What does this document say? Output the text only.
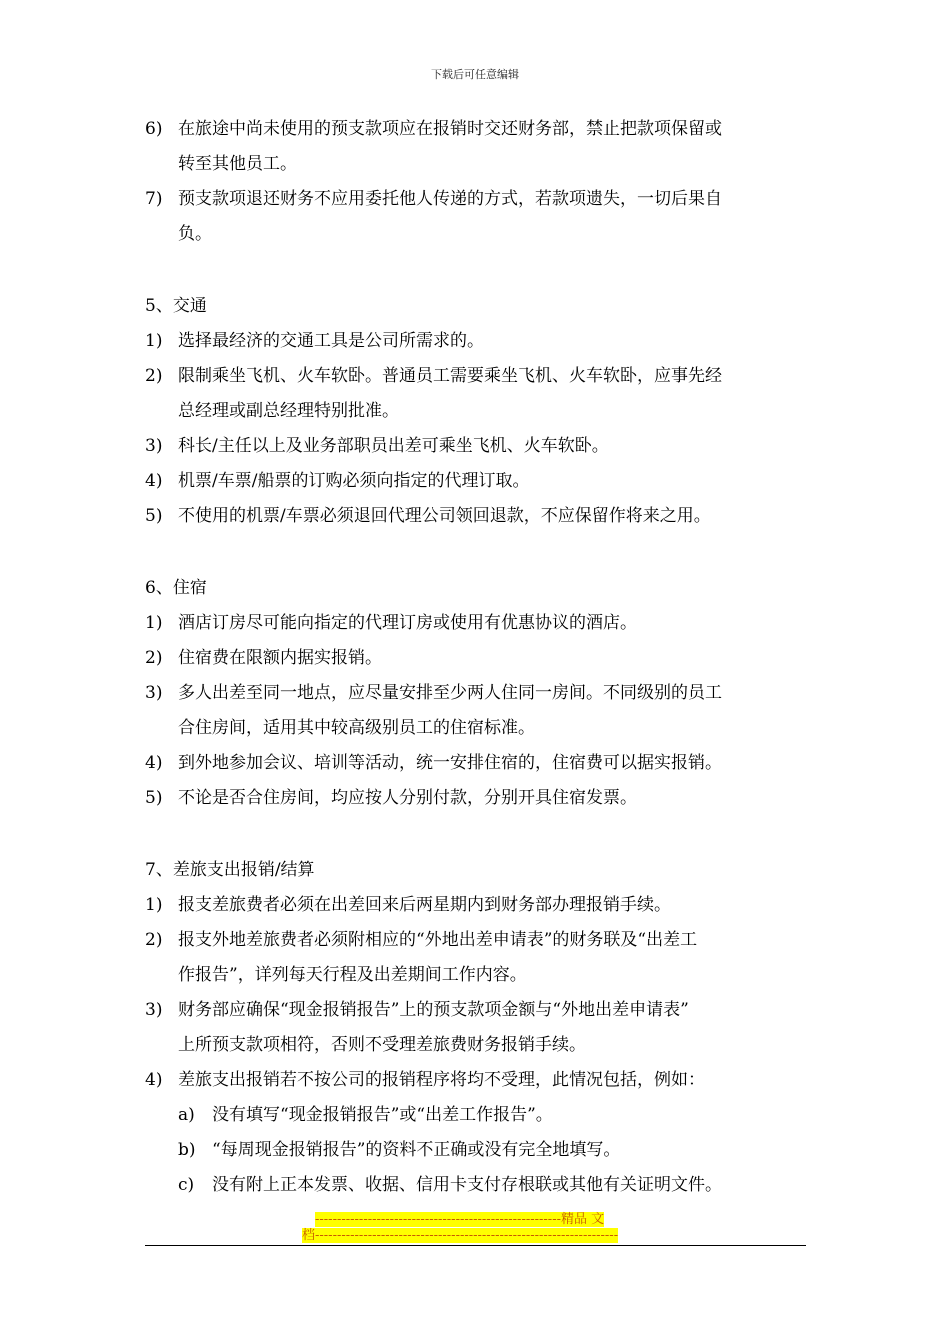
下载后可任意编辑
6) 在旅途中尚未使用的预支款项应在报销时交还财务部，禁止把款项保留或
转至其他员工。
7) 预支款项退还财务不应用委托他人传递的方式，若款项遗失，一切后果自
负。
5、交通
1) 选择最经济的交通工具是公司所需求的。
2) 限制乘坐飞机、火车软卧。普通员工需要乘坐飞机、火车软卧，应事先经
总经理或副总经理特别批准。
3) 科长/主任以上及业务部职员出差可乘坐飞机、火车软卧。
4) 机票/车票/船票的订购必须向指定的代理订取。
5) 不使用的机票/车票必须退回代理公司领回退款，不应保留作将来之用。
6、住宿
1) 酒店订房尽可能向指定的代理订房或使用有优惠协议的酒店。
2) 住宿费在限额内据实报销。
3) 多人出差至同一地点，应尽量安排至少两人住同一房间。不同级别的员工
合住房间，适用其中较高级别员工的住宿标准。
4) 到外地参加会议、培训等活动，统一安排住宿的，住宿费可以据实报销。
5) 不论是否合住房间，均应按人分别付款，分别开具住宿发票。
7、差旅支出报销/结算
1) 报支差旅费者必须在出差回来后两星期内到财务部办理报销手续。
2) 报支外地差旅费者必须附相应的“外地出差申请表”的财务联及“出差工
作报告”，详列每天行程及出差期间工作内容。
3) 财务部应确保“现金报销报告”上的预支款项金额与“外地出差申请表”
上所预支款项相符，否则不受理差旅费财务报销手续。
4) 差旅支出报销若不按公司的报销程序将均不受理，此情况包括，例如：
a)	没有填写“现金报销报告”或“出差工作报告”。
b) “每周现金报销报告”的资料不正确或没有完全地填写。
c)	没有附上正本发票、收据、信用卡支付存根联或其他有关证明文件。
--------------------------------------------------------精品 文
档---------------------------------------------------------------------
